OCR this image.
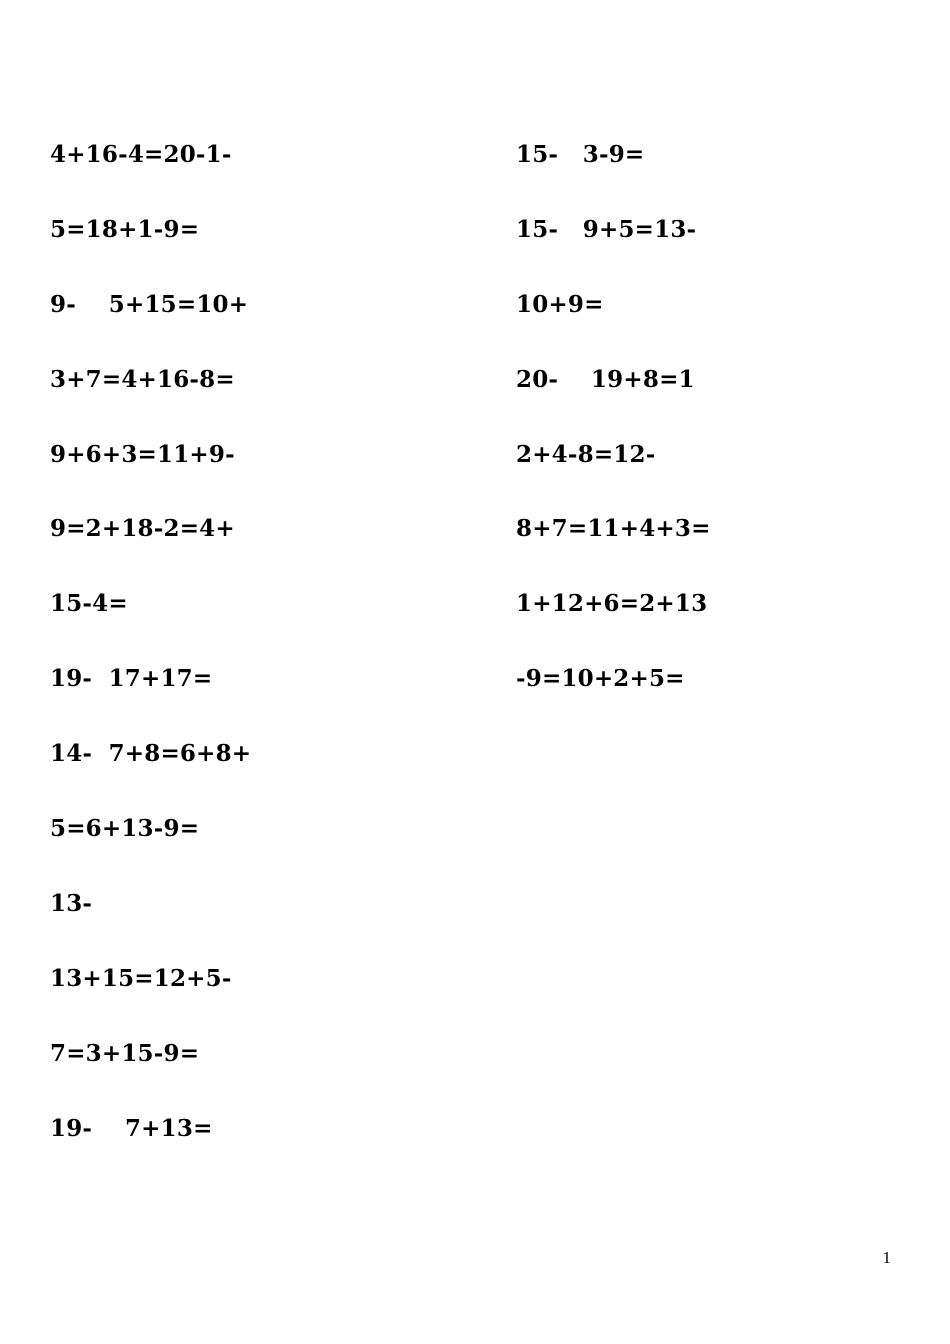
4+16-4=20-1-
5=18+1-9=
9-    5+15=10+
3+7=4+16-8=
9+6+3=11+9-
9=2+18-2=4+
15-4=
19-  17+17=
14-  7+8=6+8+
5=6+13-9=
13-
13+15=12+5-
7=3+15-9=
19-    7+13=
15-   3-9=
15-   9+5=13-
10+9=
20-    19+8=1
2+4-8=12-
8+7=11+4+3=
1+12+6=2+13
-9=10+2+5=
1
